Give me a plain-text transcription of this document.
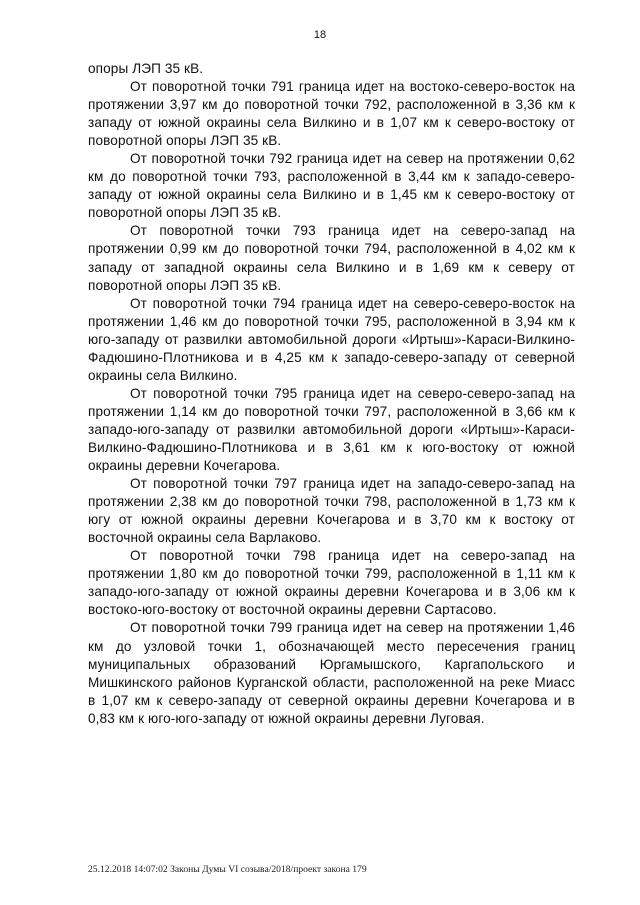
18

опоры ЛЭП 35 кВ.

От поворотной точки 791 граница идет на востоко-северо-восток на протяжении 3,97 км до поворотной точки 792, расположенной в 3,36 км к западу от южной окраины села Вилкино и в 1,07 км к северо-востоку от поворотной опоры ЛЭП 35 кВ.

От поворотной точки 792 граница идет на север на протяжении 0,62 км до поворотной точки 793, расположенной в 3,44 км к западо-северо-западу от южной окраины села Вилкино и в 1,45 км к северо-востоку от поворотной опоры ЛЭП 35 кВ.

От поворотной точки 793 граница идет на северо-запад на протяжении 0,99 км до поворотной точки 794, расположенной в 4,02 км к западу от западной окраины села Вилкино и в 1,69 км к северу от поворотной опоры ЛЭП 35 кВ.

От поворотной точки 794 граница идет на северо-северо-восток на протяжении 1,46 км до поворотной точки 795, расположенной в 3,94 км к юго-западу от развилки автомобильной дороги «Иртыш»-Караси-Вилкино-Фадюшино-Плотникова и в 4,25 км к западо-северо-западу от северной окраины села Вилкино.

От поворотной точки 795 граница идет на северо-северо-запад на протяжении 1,14 км до поворотной точки 797, расположенной в 3,66 км к западо-юго-западу от развилки автомобильной дороги «Иртыш»-Караси-Вилкино-Фадюшино-Плотникова и в 3,61 км к юго-востоку от южной окраины деревни Кочегарова.

От поворотной точки 797 граница идет на западо-северо-запад на протяжении 2,38 км до поворотной точки 798, расположенной в 1,73 км к югу от южной окраины деревни Кочегарова и в 3,70 км к востоку от восточной окраины села Варлаково.

От поворотной точки 798 граница идет на северо-запад на протяжении 1,80 км до поворотной точки 799, расположенной в 1,11 км к западо-юго-западу от южной окраины деревни Кочегарова и в 3,06 км к востоко-юго-востоку от восточной окраины деревни Сартасово.

От поворотной точки 799 граница идет на север на протяжении 1,46 км до узловой точки 1, обозначающей место пересечения границ муниципальных образований Юргамышского, Каргапольского и Мишкинского районов Курганской области, расположенной на реке Миасс в 1,07 км к северо-западу от северной окраины деревни Кочегарова и в 0,83 км к юго-юго-западу от южной окраины деревни Луговая.

25.12.2018 14:07:02 Законы Думы VI созыва/2018/проект закона 179
